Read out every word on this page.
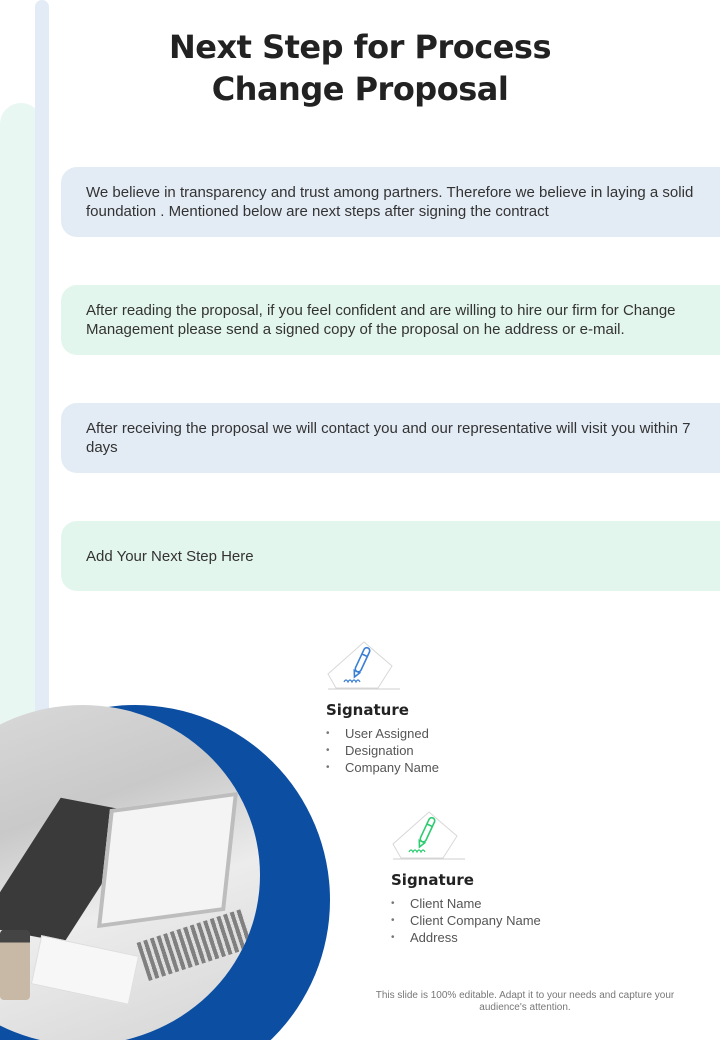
Next Step for Process
Change Proposal
We believe in transparency and trust among partners. Therefore we believe in laying a solid foundation . Mentioned below are next steps after signing the contract
After reading the proposal, if you feel confident and are willing to hire our firm for Change Management please send a signed copy of the proposal on he address or e-mail.
After receiving the proposal we will contact you and our representative will visit you within 7 days
Add Your Next Step Here
Signature
• User Assigned
• Designation
• Company Name
Signature
• Client Name
• Client Company Name
• Address
This slide is 100% editable. Adapt it to your needs and capture your
audience's attention.
